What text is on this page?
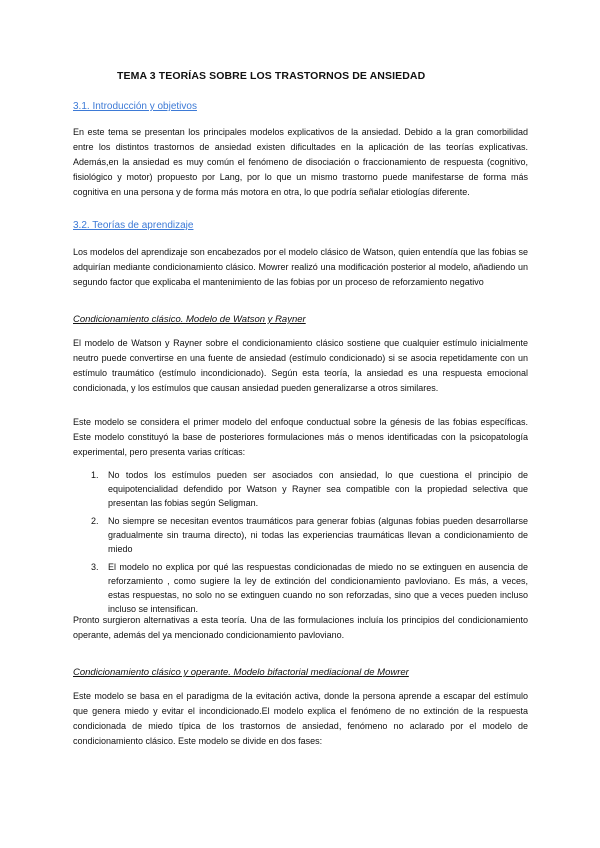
TEMA 3 TEORÍAS SOBRE LOS TRASTORNOS DE ANSIEDAD
3.1. Introducción y objetivos
En este tema se presentan los principales modelos explicativos de la ansiedad. Debido a la gran comorbilidad entre los distintos trastornos de ansiedad existen dificultades en la aplicación de las teorías explicativas. Además,en la ansiedad es muy común el fenómeno de disociación o fraccionamiento de respuesta (cognitivo, fisiológico y motor) propuesto por Lang, por lo que un mismo trastorno puede manifestarse de forma más cognitiva en una persona y de forma más motora en otra, lo que podría señalar etiologías diferente.
3.2. Teorías de aprendizaje
Los modelos del aprendizaje son encabezados por el modelo clásico de Watson, quien entendía que las fobias se adquirían mediante condicionamiento clásico. Mowrer realizó una modificación posterior al modelo, añadiendo un segundo factor que explicaba el mantenimiento de las fobias por un proceso de reforzamiento negativo
Condicionamiento clásico. Modelo de Watson y Rayner
El modelo de Watson y Rayner sobre el condicionamiento clásico sostiene que cualquier estímulo inicialmente neutro puede convertirse en una fuente de ansiedad (estímulo condicionado) si se asocia repetidamente con un estímulo traumático (estímulo incondicionado). Según esta teoría, la ansiedad es una respuesta emocional condicionada, y los estímulos que causan ansiedad pueden generalizarse a otros similares.
Este modelo se considera el primer modelo del enfoque conductual sobre la génesis de las fobias específicas. Este modelo constituyó la base de posteriores formulaciones más o menos identificadas con la psicopatología experimental, pero presenta varias críticas:
1. No todos los estímulos pueden ser asociados con ansiedad, lo que cuestiona el principio de equipotencialidad defendido por Watson y Rayner sea compatible con la propiedad selectiva que presentan las fobias según Seligman.
2. No siempre se necesitan eventos traumáticos para generar fobias (algunas fobias pueden desarrollarse gradualmente sin trauma directo), ni todas las experiencias traumáticas llevan a condicionamiento de miedo
3. El modelo no explica por qué las respuestas condicionadas de miedo no se extinguen en ausencia de reforzamiento , como sugiere la ley de extinción del condicionamiento pavloviano. Es más, a veces, estas respuestas, no solo no se extinguen cuando no son reforzadas, sino que a veces pueden incluso incluso se intensifican.
Pronto surgieron alternativas a esta teoría. Una de las formulaciones incluía los principios del condicionamiento operante, además del ya mencionado condicionamiento pavloviano.
Condicionamiento clásico y operante. Modelo bifactorial mediacional de Mowrer
Este modelo se basa en el paradigma de la evitación activa, donde la persona aprende a escapar del estímulo que genera miedo y evitar el incondicionado.El modelo explica el fenómeno de no extinción de la respuesta condicionada de miedo típica de los trastornos de ansiedad, fenómeno no aclarado por el modelo de condicionamiento clásico. Este modelo se divide en dos fases:
